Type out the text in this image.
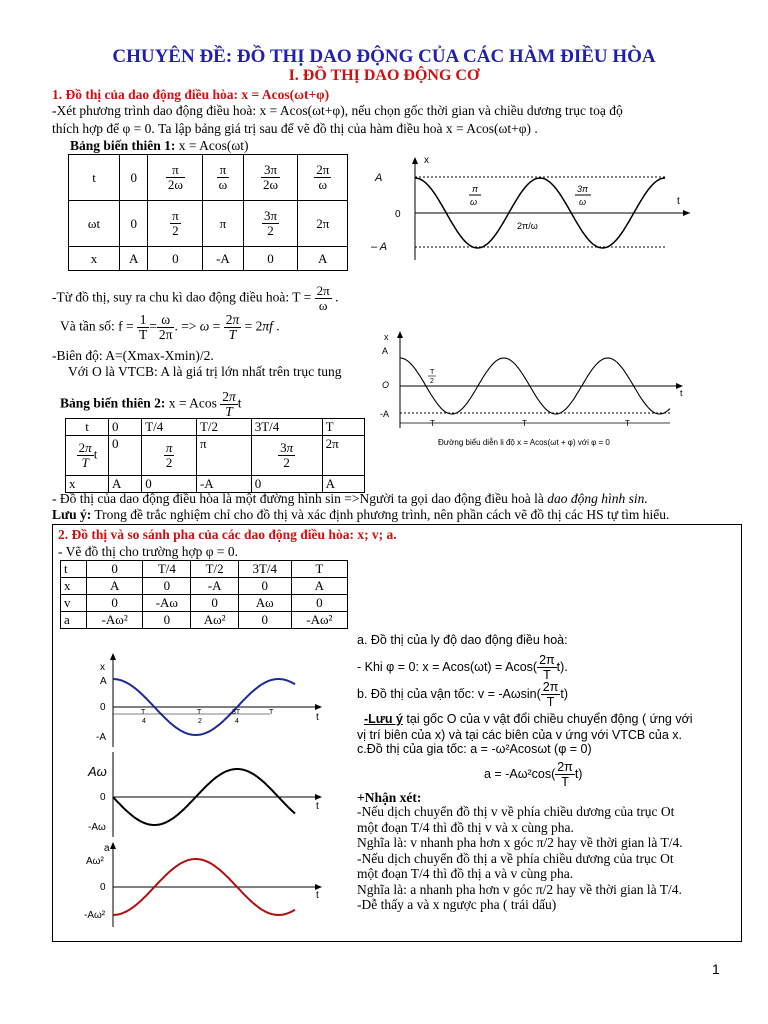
CHUYÊN ĐỀ: ĐỒ THỊ DAO ĐỘNG CỦA CÁC HÀM ĐIỀU HÒA
I. ĐỒ THỊ DAO ĐỘNG CƠ
1. Đồ thị của dao động điều hòa: x = Acos(ωt+φ)
-Xét phương trình dao động điều hoà: x = Acos(ωt+φ), nếu chọn gốc thời gian và chiều dương trục toạ độ
thích hợp để φ = 0. Ta lập bảng giá trị sau để vẽ đồ thị của hàm điều hoà x = Acos(ωt+φ) .
Bảng biến thiên 1: x = Acos(ωt)
t	0	$\frac{\pi}{2\omega}$	$\frac{\pi}{\omega}$	$\frac{3\pi}{2\omega}$	$\frac{2\pi}{\omega}$

ωt	0	$\frac{\pi}{2}$	π	$\frac{3\pi}{2}$	2π
x	A	0	-A	0	A
x
t
A
0
– A
π
ω
3π
ω
2π/ω
-Từ đồ thị, suy ra chu kì dao động điều hoà: $T = \frac{2\pi}{\omega}$ .
Và tần số: $f = \frac{1}{T} = \frac{\omega}{2\pi}$ . => $\omega = \frac{2\pi}{T} = 2\pi f$ .
-Biên độ: A=(Xmax-Xmin)/2.
Với O là VTCB: A là giá trị lớn nhất trên trục tung
Bảng biến thiên 2: x = Acos $\frac{2\pi}{T}$ t
t	0	T/4	T/2	3T/4	T

$\frac{2\pi}{T}$ t	0	$\frac{\pi}{2}$	π	$\frac{3\pi}{2}$	2π
x	A	0	-A	0	A
x
A
O
-A
t
T
2
T	T	T
Đường biểu diễn li độ x = Acos(ωt + φ) với φ = 0
- Đồ thị của dao động điều hòa là một đường hình sin =>Người ta gọi dao động điều hoà là dao động hình sin.
Lưu ý: Trong đề trắc nghiệm chỉ cho đồ thị và xác định phương trình, nên phần cách vẽ đồ thị các HS tự tìm hiểu.
2. Đồ thị và so sánh pha của các dao động điều hòa: x; v; a.
- Vẽ đồ thị cho trường hợp φ = 0.
t	0	T/4	T/2	3T/4	T
x	A	0	-A	0	A
v	0	-Aω	0	Aω	0
a	-Aω²	0	Aω²	0	-Aω²
x
A
0
-A
t
T
4
T
2
3T
4
T
Aω
0
-Aω
t
a
Aω²
0
-Aω²
t
a. Đồ thị của ly độ dao động điều hoà:
- Khi φ = 0: $x = Acos(\omega t) = Acos( \frac{2\pi}{T} t)$.
b. Đồ thị của vận tốc: $v = -A\omega\sin( \frac{2\pi}{T} t)$
-Lưu ý tại gốc O của v vật đổi chiều chuyển động ( ứng với
vị trí biên của x) và tại các biên của v ứng với VTCB của x.
c.Đồ thị của gia tốc: a = -ω²Acosωt (φ = 0)
$a = -A\omega^2\cos( \frac{2\pi}{T} t)$
+Nhận xét:
-Nếu dịch chuyển đồ thị v về phía chiều dương của trục Ot
một đoạn T/4 thì đồ thị v và x cùng pha.
Nghĩa là: v nhanh pha hơn x góc π/2 hay về thời gian là T/4.
-Nếu dịch chuyển đồ thị a về phía chiều dương của trục Ot
một đoạn T/4 thì đồ thị a và v cùng pha.
Nghĩa là: a nhanh pha hơn v góc π/2 hay về thời gian là T/4.
-Dễ thấy a và x ngược pha ( trái dấu)
1
